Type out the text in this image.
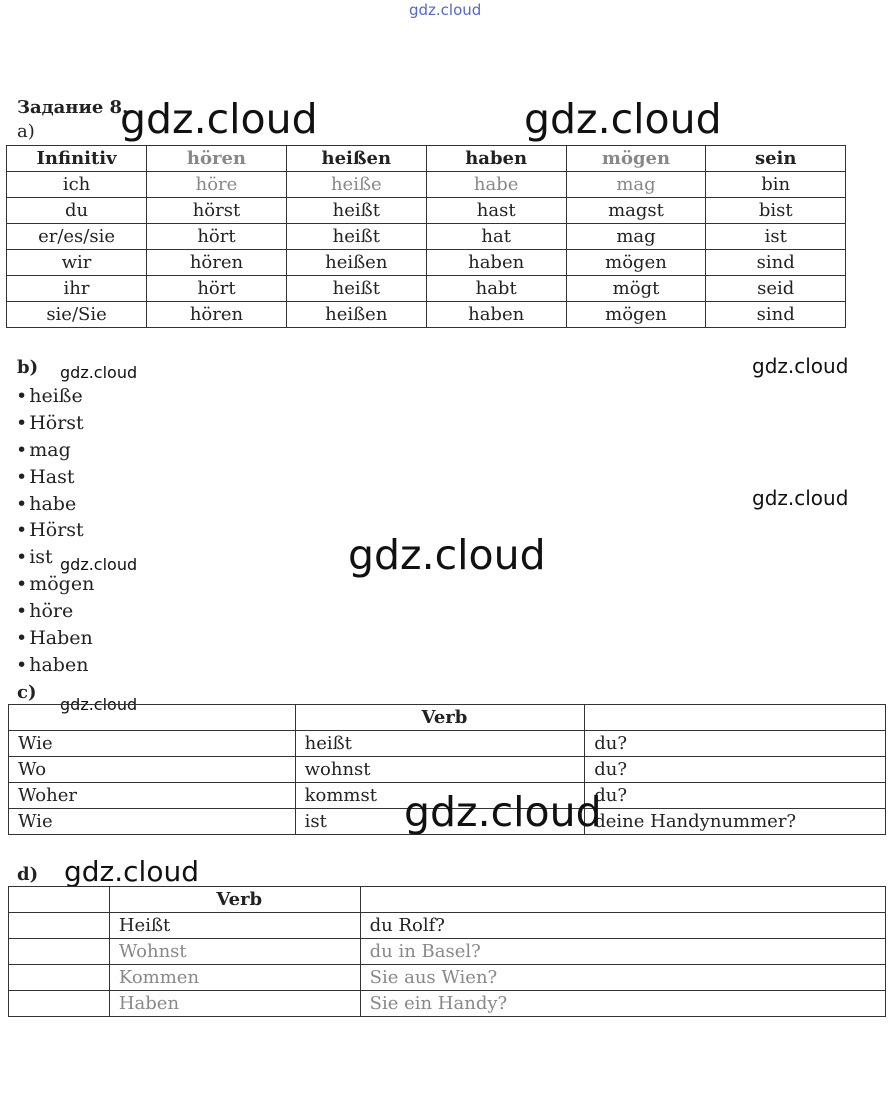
gdz.cloud
gdz.cloud	gdz.cloud
gdz.cloud	gdz.cloud
gdz.cloud
gdz.cloud
gdz.cloud
gdz.cloud
Задание 8.
a)
Infinitiv	hören	heißen	haben	mögen	sein
ich	höre	heiße	habe	mag	bin
du	hörst	heißt	hast	magst	bist
er/es/sie	hört	heißt	hat	mag	ist
wir	hören	heißen	haben	mögen	sind
ihr	hört	heißt	habt	mögt	seid
sie/Sie	hören	heißen	haben	mögen	sind
b)
• heiße
• Hörst
• mag
• Hast
• habe
• Hörst
• ist
• mögen
• höre
• Haben
• haben
c)
	Verb	
Wie	heißt	du?
Wo	wohnst	du?
Woher	kommst	du?
Wie	ist	deine Handynummer?
gdz.cloud
d) gdz.cloud
	Verb	
	Heißt	du Rolf?
	Wohnst	du in Basel?
	Kommen	Sie aus Wien?
	Haben	Sie ein Handy?
